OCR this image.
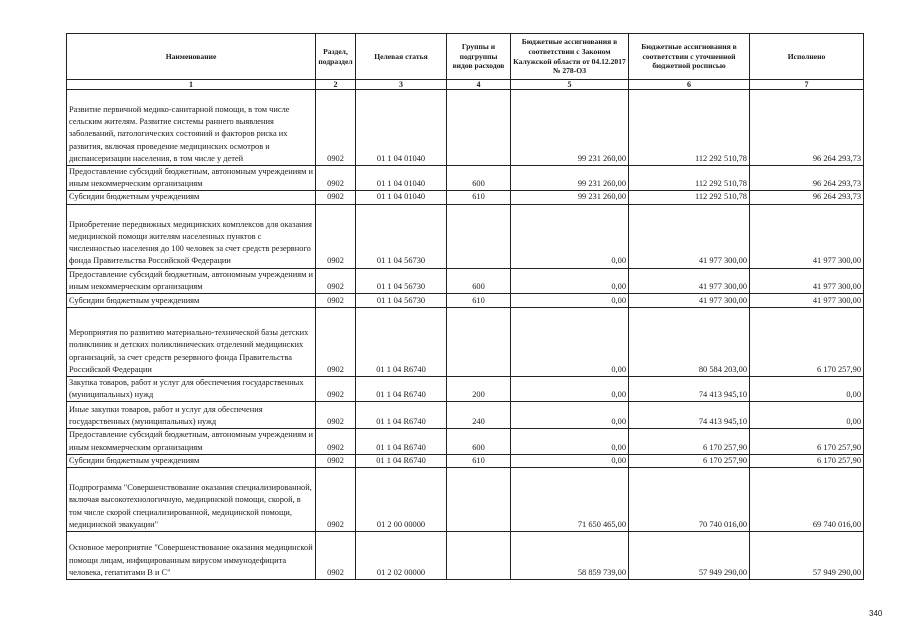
Наименование	Раздел, подраздел	Целевая статья	Группы и подгруппы видов расходов	Бюджетные ассигнования в соответствии с Законом Калужской области от 04.12.2017 № 278-ОЗ	Бюджетные ассигнования в соответствии с уточненной бюджетной росписью	Исполнено
1	2	3	4	5	6	7
Развитие первичной медико-санитарной помощи, в том числе сельским жителям. Развитие системы раннего выявления заболеваний, патологических состояний и факторов риска их развития, включая проведение медицинских осмотров и диспансеризации населения, в том числе у детей	0902	01 1 04 01040		99 231 260,00	112 292 510,78	96 264 293,73
Предоставление субсидий бюджетным, автономным учреждениям и иным некоммерческим организациям	0902	01 1 04 01040	600	99 231 260,00	112 292 510,78	96 264 293,73
Субсидии бюджетным учреждениям	0902	01 1 04 01040	610	99 231 260,00	112 292 510,78	96 264 293,73
Приобретение передвижных медицинских комплексов для оказания медицинской помощи жителям населенных пунктов с численностью населения до 100 человек за счет средств резервного фонда Правительства Российской Федерации	0902	01 1 04 56730		0,00	41 977 300,00	41 977 300,00
Предоставление субсидий бюджетным, автономным учреждениям и иным некоммерческим организациям	0902	01 1 04 56730	600	0,00	41 977 300,00	41 977 300,00
Субсидии бюджетным учреждениям	0902	01 1 04 56730	610	0,00	41 977 300,00	41 977 300,00
Мероприятия по развитию материально-технической базы детских поликлиник и детских поликлинических отделений медицинских организаций, за счет средств резервного фонда Правительства Российской Федерации	0902	01 1 04 R6740		0,00	80 584 203,00	6 170 257,90
Закупка товаров, работ и услуг для обеспечения государственных (муниципальных) нужд	0902	01 1 04 R6740	200	0,00	74 413 945,10	0,00
Иные закупки товаров, работ и услуг для обеспечения государственных (муниципальных) нужд	0902	01 1 04 R6740	240	0,00	74 413 945,10	0,00
Предоставление субсидий бюджетным, автономным учреждениям и иным некоммерческим организациям	0902	01 1 04 R6740	600	0,00	6 170 257,90	6 170 257,90
Субсидии бюджетным учреждениям	0902	01 1 04 R6740	610	0,00	6 170 257,90	6 170 257,90
Подпрограмма "Совершенствование оказания специализированной, включая высокотехнологичную, медицинской помощи, скорой, в том числе скорой специализированной, медицинской помощи, медицинской эвакуации"	0902	01 2 00 00000		71 650 465,00	70 740 016,00	69 740 016,00
Основное мероприятие "Совершенствование оказания медицинской помощи лицам, инфицированным вирусом иммунодефицита человека, гепатитами B и C"	0902	01 2 02 00000		58 859 739,00	57 949 290,00	57 949 290,00
340
